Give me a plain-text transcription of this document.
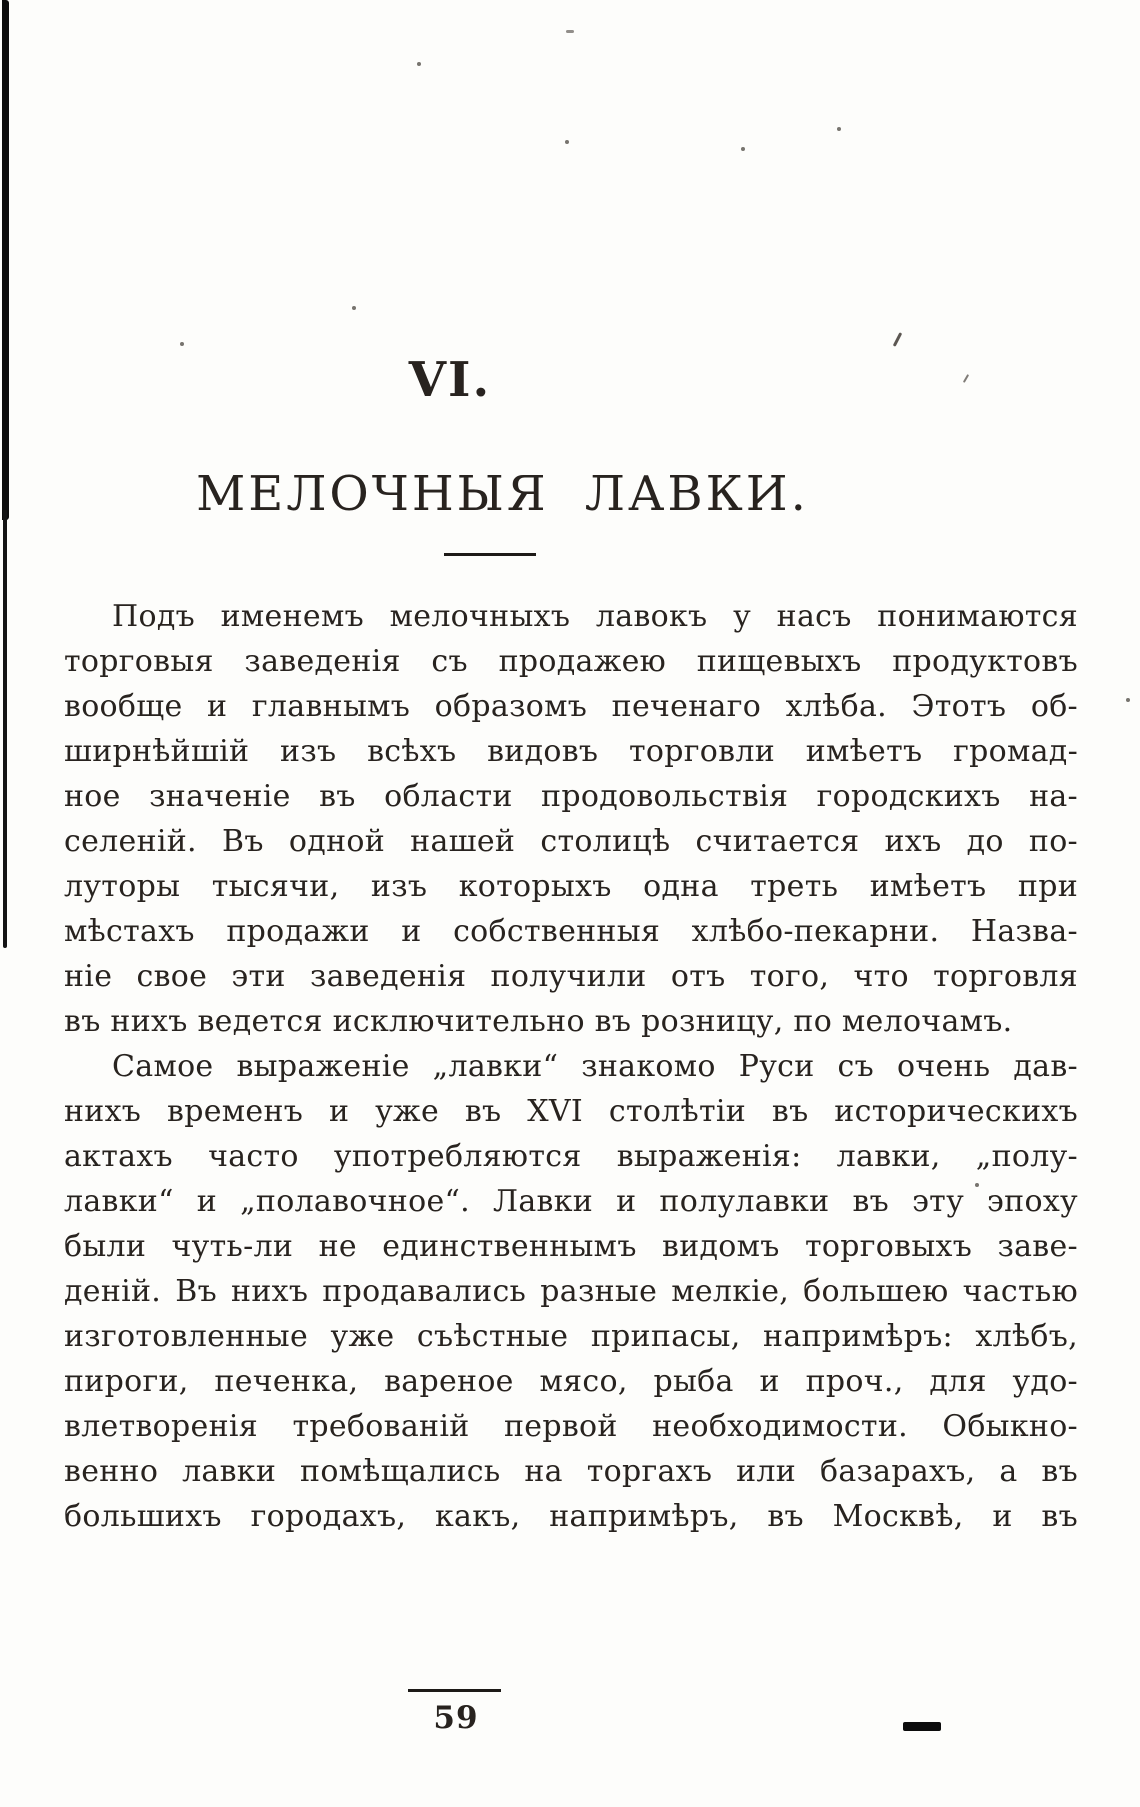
VI.
МЕЛОЧНЫЯ ЛАВКИ.
Подъ именемъ мелочныхъ лавокъ у насъ понимаются
торговыя заведенія съ продажею пищевыхъ продуктовъ
вообще и главнымъ образомъ печенаго хлѣба. Этотъ об-
ширнѣйшій изъ всѣхъ видовъ торговли имѣетъ громад-
ное значеніе въ области продовольствія городскихъ на-
селеній. Въ одной нашей столицѣ считается ихъ до по-
луторы тысячи, изъ которыхъ одна треть имѣетъ при
мѣстахъ продажи и собственныя хлѣбо-пекарни. Назва-
ніе свое эти заведенія получили отъ того, что торговля
въ нихъ ведется исключительно въ розницу, по мелочамъ.
Самое выраженіе „лавки“ знакомо Руси съ очень дав-
нихъ временъ и уже въ XVI столѣтіи въ историческихъ
актахъ часто употребляются выраженія: лавки, „полу-
лавки“ и „полавочное“. Лавки и полулавки въ эту эпоху
были чуть-ли не единственнымъ видомъ торговыхъ заве-
деній. Въ нихъ продавались разные мелкіе, большею частью
изготовленные уже съѣстные припасы, напримѣръ: хлѣбъ,
пироги, печенка, вареное мясо, рыба и проч., для удо-
влетворенія требованій первой необходимости. Обыкно-
венно лавки помѣщались на торгахъ или базарахъ, а въ
большихъ городахъ, какъ, напримѣръ, въ Москвѣ, и въ
59
